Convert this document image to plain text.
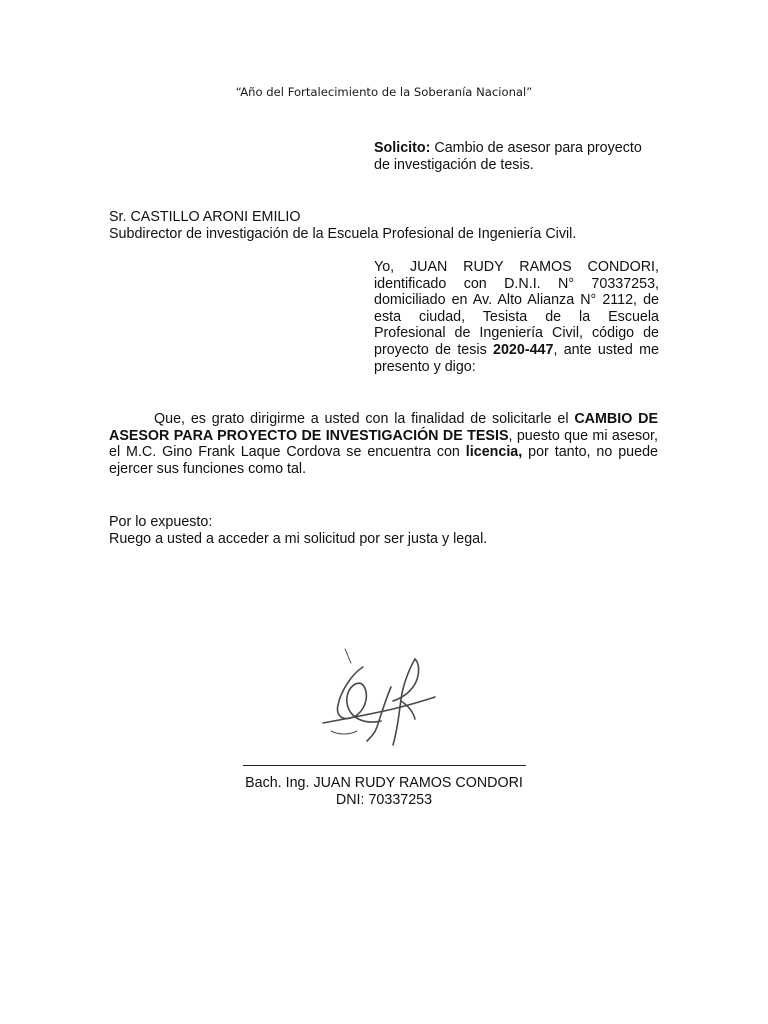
“Año del Fortalecimiento de la Soberanía Nacional”
Solicito: Cambio de asesor para proyecto de investigación de tesis.
Sr. CASTILLO ARONI EMILIO
Subdirector de investigación de la Escuela Profesional de Ingeniería Civil.

Yo, JUAN RUDY RAMOS CONDORI, identificado con D.N.I. N° 70337253, domiciliado en Av. Alto Alianza N° 2112, de esta ciudad, Tesista de la Escuela Profesional de Ingeniería Civil, código de proyecto de tesis 2020-447, ante usted me presento y digo:

Que, es grato dirigirme a usted con la finalidad de solicitarle el CAMBIO DE ASESOR PARA PROYECTO DE INVESTIGACIÓN DE TESIS, puesto que mi asesor, el M.C. Gino Frank Laque Cordova se encuentra con licencia, por tanto, no puede ejercer sus funciones como tal.
Por lo expuesto:
Ruego a usted a acceder a mi solicitud por ser justa y legal.
Bach. Ing. JUAN RUDY RAMOS CONDORI
DNI: 70337253
